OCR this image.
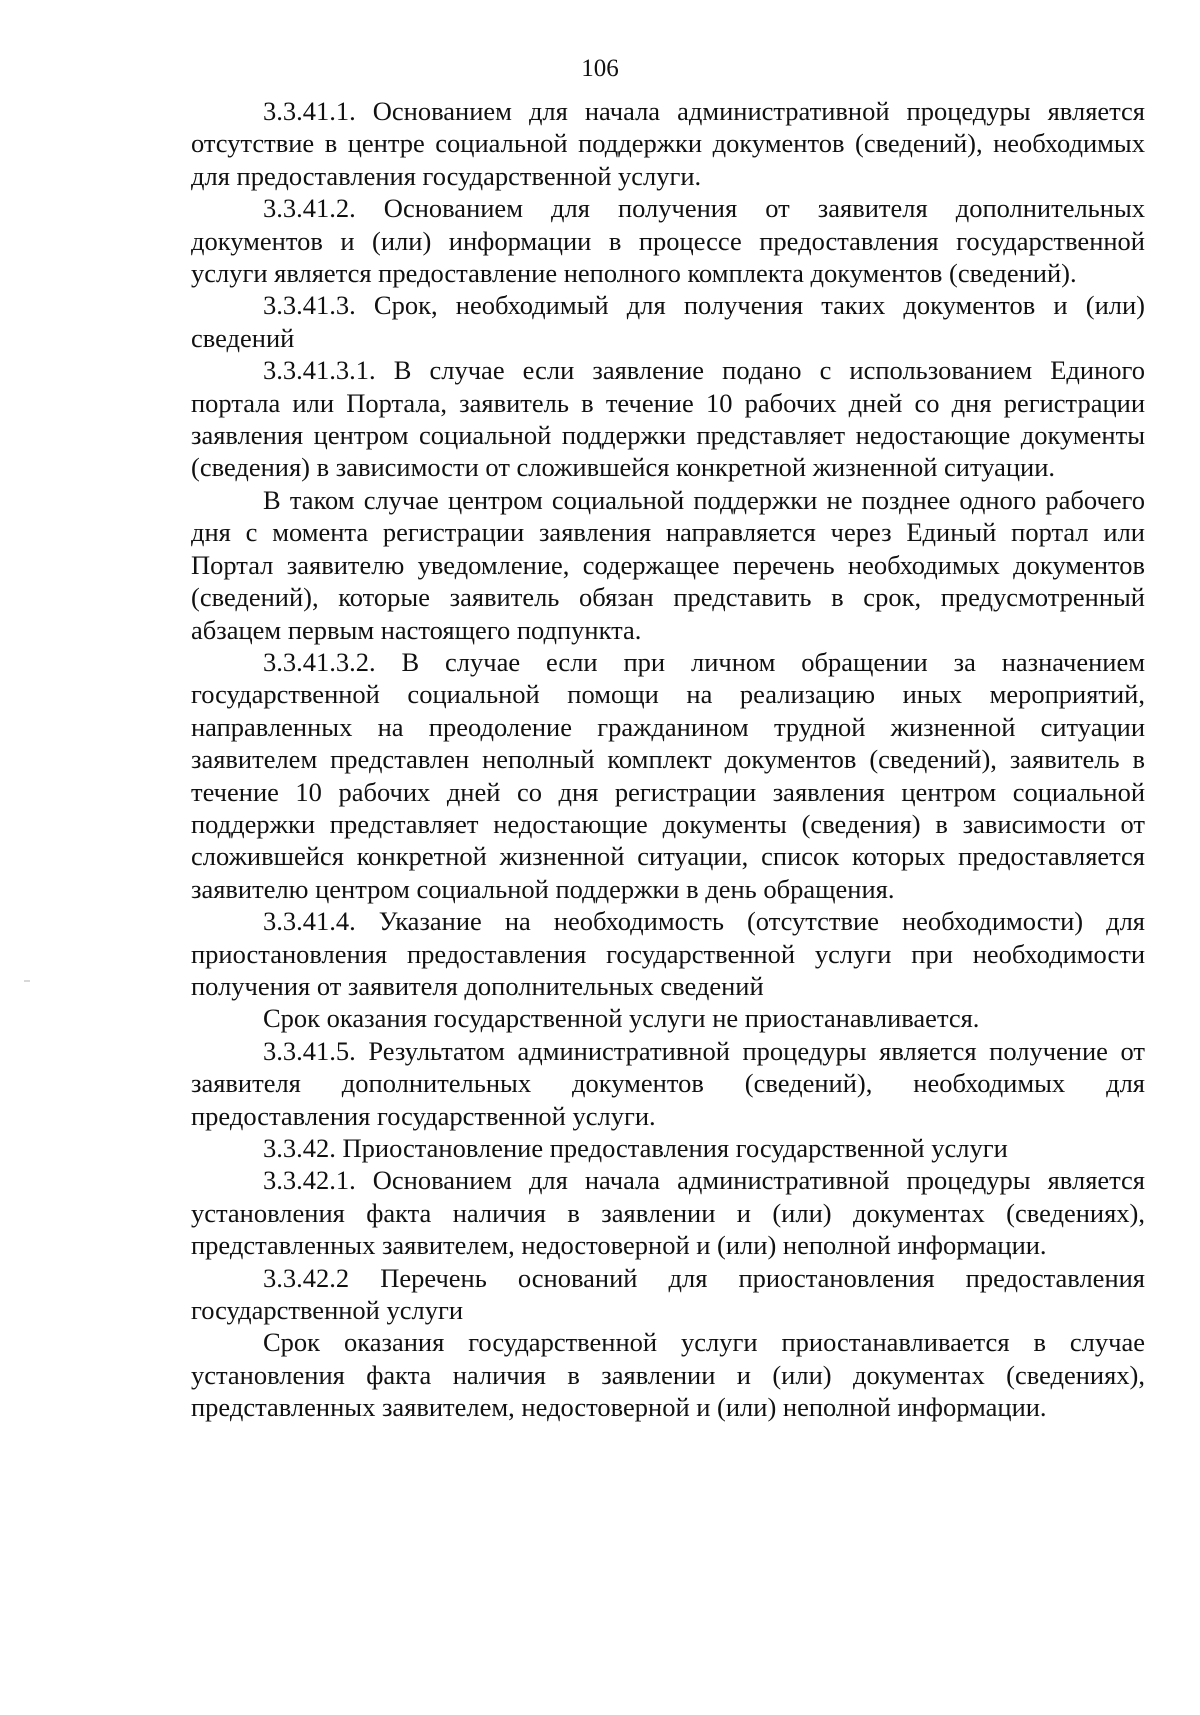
106

3.3.41.1. Основанием для начала административной процедуры является отсутствие в центре социальной поддержки документов (сведений), необходимых для предоставления государственной услуги.

3.3.41.2. Основанием для получения от заявителя дополнительных документов и (или) информации в процессе предоставления государственной услуги является предоставление неполного комплекта документов (сведений).

3.3.41.3. Срок, необходимый для получения таких документов и (или) сведений

3.3.41.3.1. В случае если заявление подано с использованием Единого портала или Портала, заявитель в течение 10 рабочих дней со дня регистрации заявления центром социальной поддержки представляет недостающие документы (сведения) в зависимости от сложившейся конкретной жизненной ситуации.

В таком случае центром социальной поддержки не позднее одного рабочего дня с момента регистрации заявления направляется через Единый портал или Портал заявителю уведомление, содержащее перечень необходимых документов (сведений), которые заявитель обязан представить в срок, предусмотренный абзацем первым настоящего подпункта.

3.3.41.3.2. В случае если при личном обращении за назначением государственной социальной помощи на реализацию иных мероприятий, направленных на преодоление гражданином трудной жизненной ситуации заявителем представлен неполный комплект документов (сведений), заявитель в течение 10 рабочих дней со дня регистрации заявления центром социальной поддержки представляет недостающие документы (сведения) в зависимости от сложившейся конкретной жизненной ситуации, список которых предоставляется заявителю центром социальной поддержки в день обращения.

3.3.41.4. Указание на необходимость (отсутствие необходимости) для приостановления предоставления государственной услуги при необходимости получения от заявителя дополнительных сведений

Срок оказания государственной услуги не приостанавливается.

3.3.41.5. Результатом административной процедуры является получение от заявителя дополнительных документов (сведений), необходимых для предоставления государственной услуги.

3.3.42. Приостановление предоставления государственной услуги

3.3.42.1. Основанием для начала административной процедуры является установления факта наличия в заявлении и (или) документах (сведениях), представленных заявителем, недостоверной и (или) неполной информации.

3.3.42.2 Перечень оснований для приостановления предоставления государственной услуги

Срок оказания государственной услуги приостанавливается в случае установления факта наличия в заявлении и (или) документах (сведениях), представленных заявителем, недостоверной и (или) неполной информации.
